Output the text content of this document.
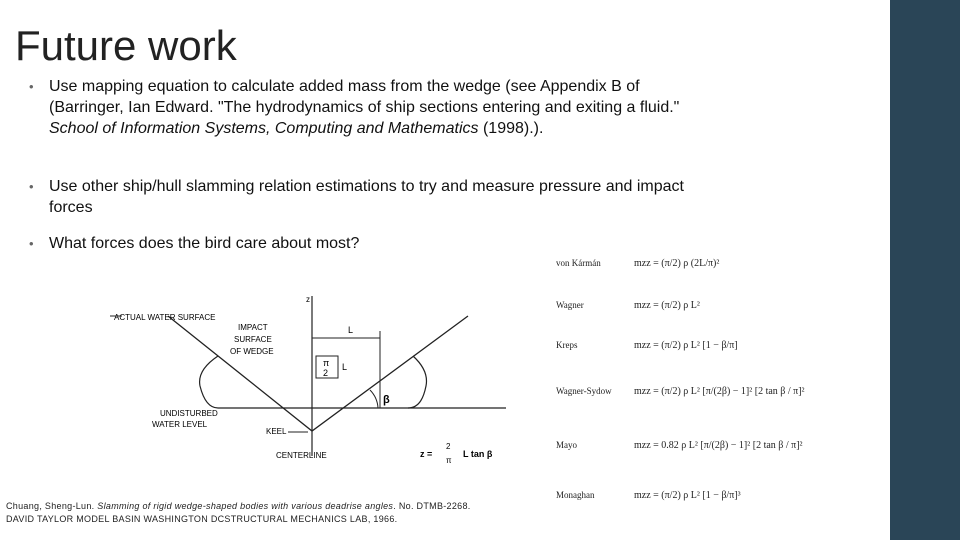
Future work

• Use mapping equation to calculate added mass from the wedge (see Appendix B of (Barringer, Ian Edward. "The hydrodynamics of ship sections entering and exiting a fluid." School of Information Systems, Computing and Mathematics (1998).).

• Use other ship/hull slamming relation estimations to try and measure pressure and impact forces

• What forces does the bird care about most?

z
L
π
2
L
β
ACTUAL WATER SURFACE
IMPACT
SURFACE
OF WEDGE
UNDISTURBED
WATER LEVEL
KEEL
CENTERLINE	z =
2
π
L tan β
von Kármán	mzz = (π/2) ρ (2L/π)²
Wagner	mzz = (π/2) ρ L²
Kreps	mzz = (π/2) ρ L² [1 − β/π]
Wagner-Sydow mzz = (π/2) ρ L² [π/(2β) − 1]² [2 tan β / π]²
Mayo	mzz = 0.82 ρ L² [π/(2β) − 1]² [2 tan β / π]²
Monaghan	mzz = (π/2) ρ L² [1 − β/π]³
Chuang, Sheng-Lun. Slamming of rigid wedge-shaped bodies with various deadrise angles. No. DTMB-2268. DAVID TAYLOR MODEL BASIN WASHINGTON DCSTRUCTURAL MECHANICS LAB, 1966.
